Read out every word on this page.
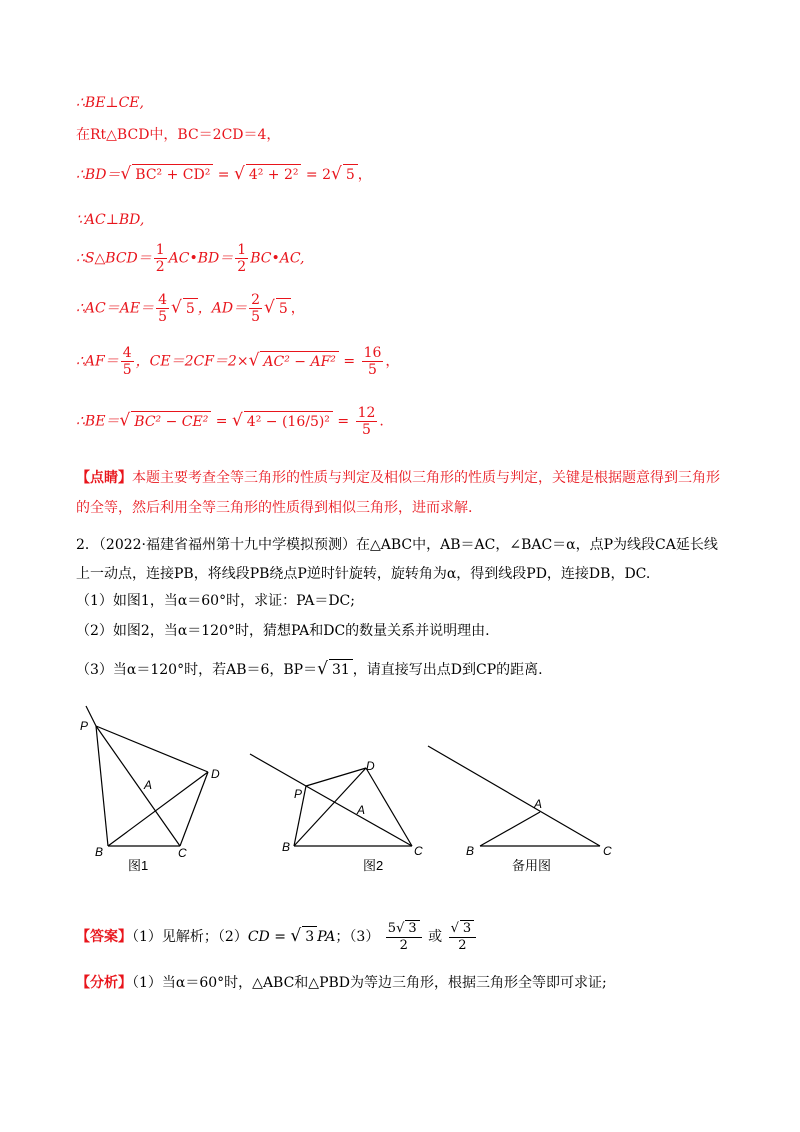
∴BE⊥CE,
在Rt△BCD中，BC＝2CD＝4，
∴BD＝√ BC² + CD² = √ 4² + 2² = 2√ 5 ，
∵AC⊥BD,
∴S△BCD＝ $\frac{1}{2}$ AC•BD＝ $\frac{1}{2}$ BC•AC,
∴AC＝AE＝ $\frac{4}{5}$ √ 5 ，$AD= \frac{2}{5}$ √ 5 ，
∴AF＝ $\frac{4}{5}$ ，CE＝2CF＝2×√ $AC^2 - AF^2 = \frac{16}{5}$ ，
∴BE＝√ BC² − CE² = √ $4^2 - (16/5)^2 = \frac{12}{5}$ .
【点睛】本题主要考查全等三角形的性质与判定及相似三角形的性质与判定，关键是根据题意得到三角形的全等，然后利用全等三角形的性质得到相似三角形，进而求解.
2．（2022·福建省福州第十九中学模拟预测）在△ABC中，AB＝AC，∠BAC＝α，点P为线段CA延长线上一动点，连接PB，将线段PB绕点P逆时针旋转，旋转角为α，得到线段PD，连接DB，DC.
（1）如图1，当α＝60°时，求证：PA＝DC;
（2）如图2，当α＝120°时，猜想PA和DC的数量关系并说明理由.
（3）当α＝120°时，若AB＝6，BP＝√ 31 ，请直接写出点D到CP的距离.
P
A
D
B	C
P
D
A
B	C
A
B	C
图1	图2	备用图
【答案】（1）见解析；（2）CD = √ 3 PA；$(3) \frac{5√ 3}{2}$ 或 $\frac{√ 3}{2}$
【分析】（1）当α＝60°时，△ABC和△PBD为等边三角形，根据三角形全等即可求证;
